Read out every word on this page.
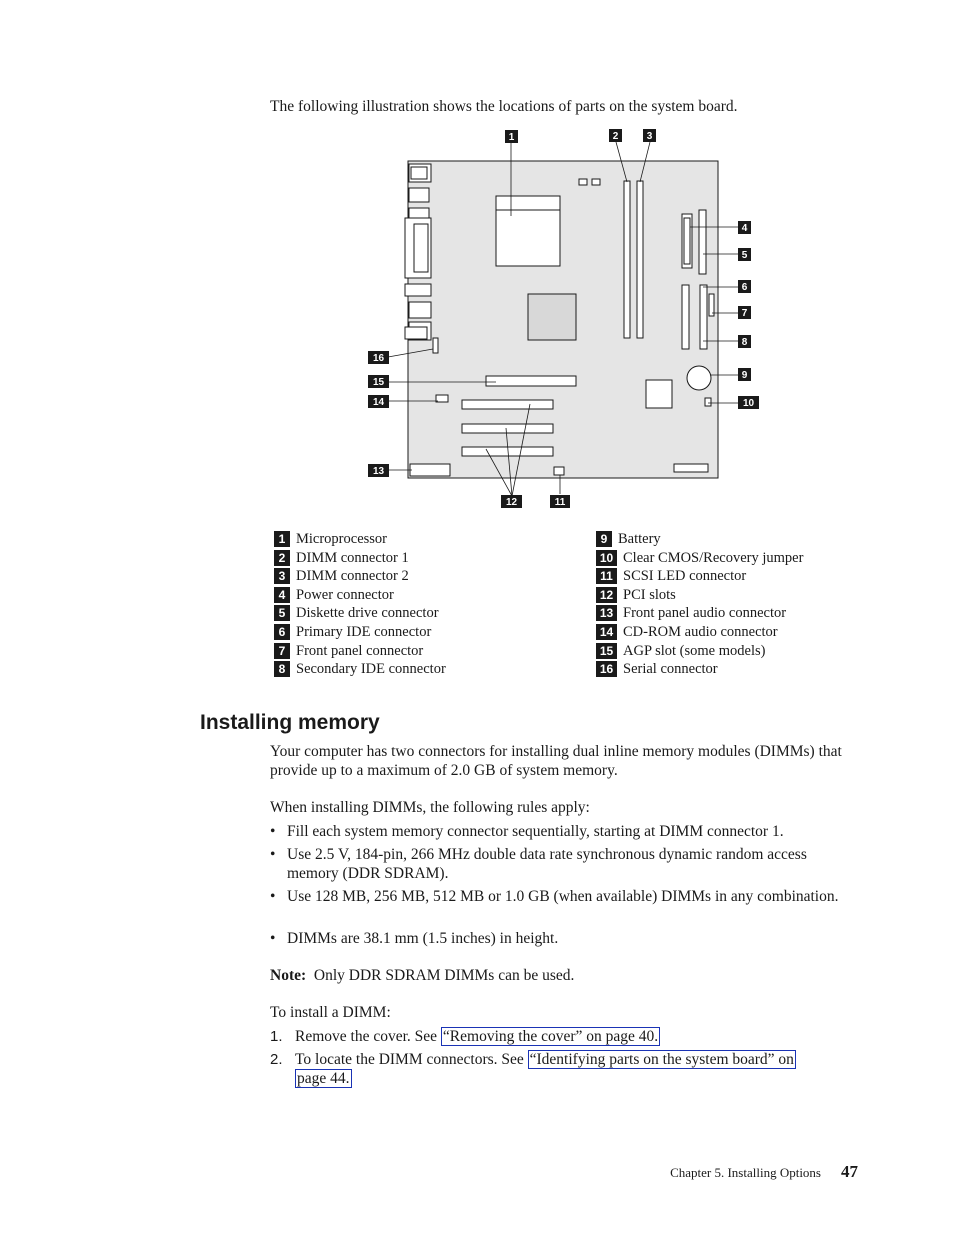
The following illustration shows the locations of parts on the system board.
1	2	3
4
5
6
7
8
9
10
11
12
13
14
15
16
1 Microprocessor
2 DIMM connector 1
3 DIMM connector 2
4 Power connector
5 Diskette drive connector
6 Primary IDE connector
7 Front panel connector
8 Secondary IDE connector
9 Battery
10 Clear CMOS/Recovery jumper
11 SCSI LED connector
12 PCI slots
13 Front panel audio connector
14 CD-ROM audio connector
15 AGP slot (some models)
16 Serial connector
Installing memory
Your computer has two connectors for installing dual inline memory modules (DIMMs) that provide up to a maximum of 2.0 GB of system memory.
When installing DIMMs, the following rules apply:
• Fill each system memory connector sequentially, starting at DIMM connector 1.
• Use 2.5 V, 184-pin, 266 MHz double data rate synchronous dynamic random access memory (DDR SDRAM).
• Use 128 MB, 256 MB, 512 MB or 1.0 GB (when available) DIMMs in any combination.
• DIMMs are 38.1 mm (1.5 inches) in height.
Note: Only DDR SDRAM DIMMs can be used.
To install a DIMM:
1. Remove the cover. See “Removing the cover” on page 40.
2. To locate the DIMM connectors. See “Identifying parts on the system board” on
page 44.
Chapter 5. Installing Options 47
